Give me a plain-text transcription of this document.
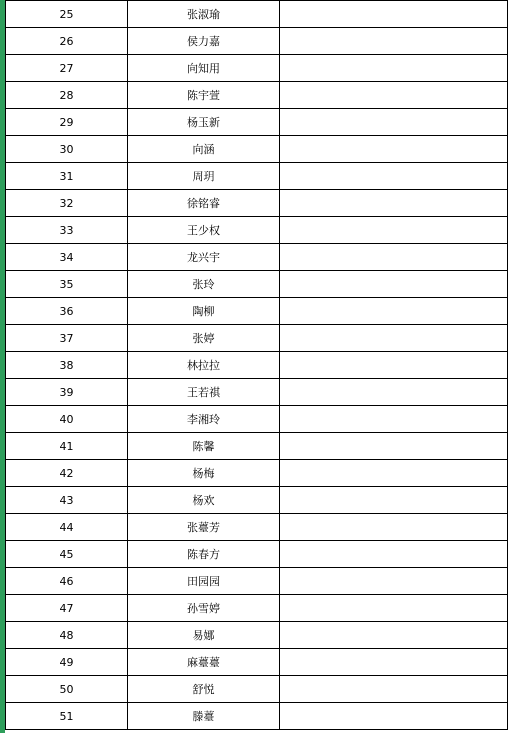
25	张淑瑜	
26	侯力嘉	
27	向知用	
28	陈宇萱	
29	杨玉新	
30	向涵	
31	周玥	
32	徐铭睿	
33	王少权	
34	龙兴宇	
35	张玲	
36	陶柳	
37	张婷	
38	林拉拉	
39	王若祺	
40	李湘玲	
41	陈馨	
42	杨梅	
43	杨欢	
44	张薹芳	
45	陈春方	
46	田园园	
47	孙雪婷	
48	易娜	
49	麻薹薹	
50	舒悦	
51	滕薹	
